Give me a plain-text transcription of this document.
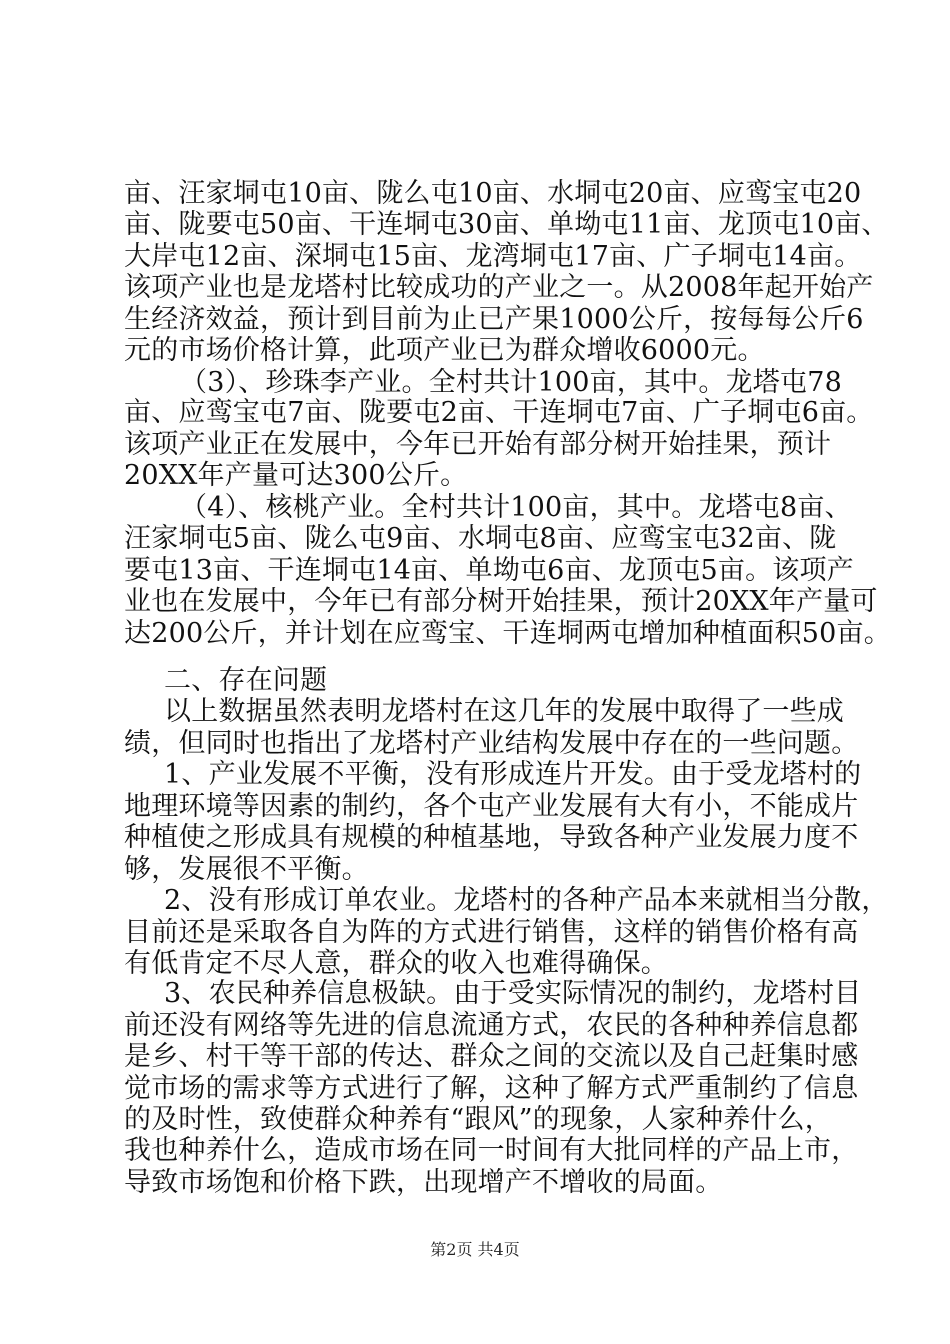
亩、汪家垌屯10亩、陇么屯10亩、水垌屯20亩、应鸾宝屯20
亩、陇要屯50亩、干连垌屯30亩、单坳屯11亩、龙顶屯10亩、
大岸屯12亩、深垌屯15亩、龙湾垌屯17亩、广子垌屯14亩。
该项产业也是龙塔村比较成功的产业之一。从2008年起开始产
生经济效益，预计到目前为止已产果1000公斤，按每每公斤6
元的市场价格计算，此项产业已为群众增收6000元。
（3）、珍珠李产业。全村共计100亩，其中。龙塔屯78
亩、应鸾宝屯7亩、陇要屯2亩、干连垌屯7亩、广子垌屯6亩。
该项产业正在发展中，今年已开始有部分树开始挂果，预计
20XX年产量可达300公斤。
（4）、核桃产业。全村共计100亩，其中。龙塔屯8亩、
汪家垌屯5亩、陇么屯9亩、水垌屯8亩、应鸾宝屯32亩、陇
要屯13亩、干连垌屯14亩、单坳屯6亩、龙顶屯5亩。该项产
业也在发展中，今年已有部分树开始挂果，预计20XX年产量可
达200公斤，并计划在应鸾宝、干连垌两屯增加种植面积50亩。
二、存在问题
以上数据虽然表明龙塔村在这几年的发展中取得了一些成
绩，但同时也指出了龙塔村产业结构发展中存在的一些问题。
1、产业发展不平衡，没有形成连片开发。由于受龙塔村的
地理环境等因素的制约，各个屯产业发展有大有小，不能成片
种植使之形成具有规模的种植基地，导致各种产业发展力度不
够，发展很不平衡。
2、没有形成订单农业。龙塔村的各种产品本来就相当分散，
目前还是采取各自为阵的方式进行销售，这样的销售价格有高
有低肯定不尽人意，群众的收入也难得确保。
3、农民种养信息极缺。由于受实际情况的制约，龙塔村目
前还没有网络等先进的信息流通方式，农民的各种种养信息都
是乡、村干等干部的传达、群众之间的交流以及自己赶集时感
觉市场的需求等方式进行了解，这种了解方式严重制约了信息
的及时性，致使群众种养有“跟风”的现象，人家种养什么，
我也种养什么，造成市场在同一时间有大批同样的产品上市，
导致市场饱和价格下跌，出现增产不增收的局面。
第2页 共4页
